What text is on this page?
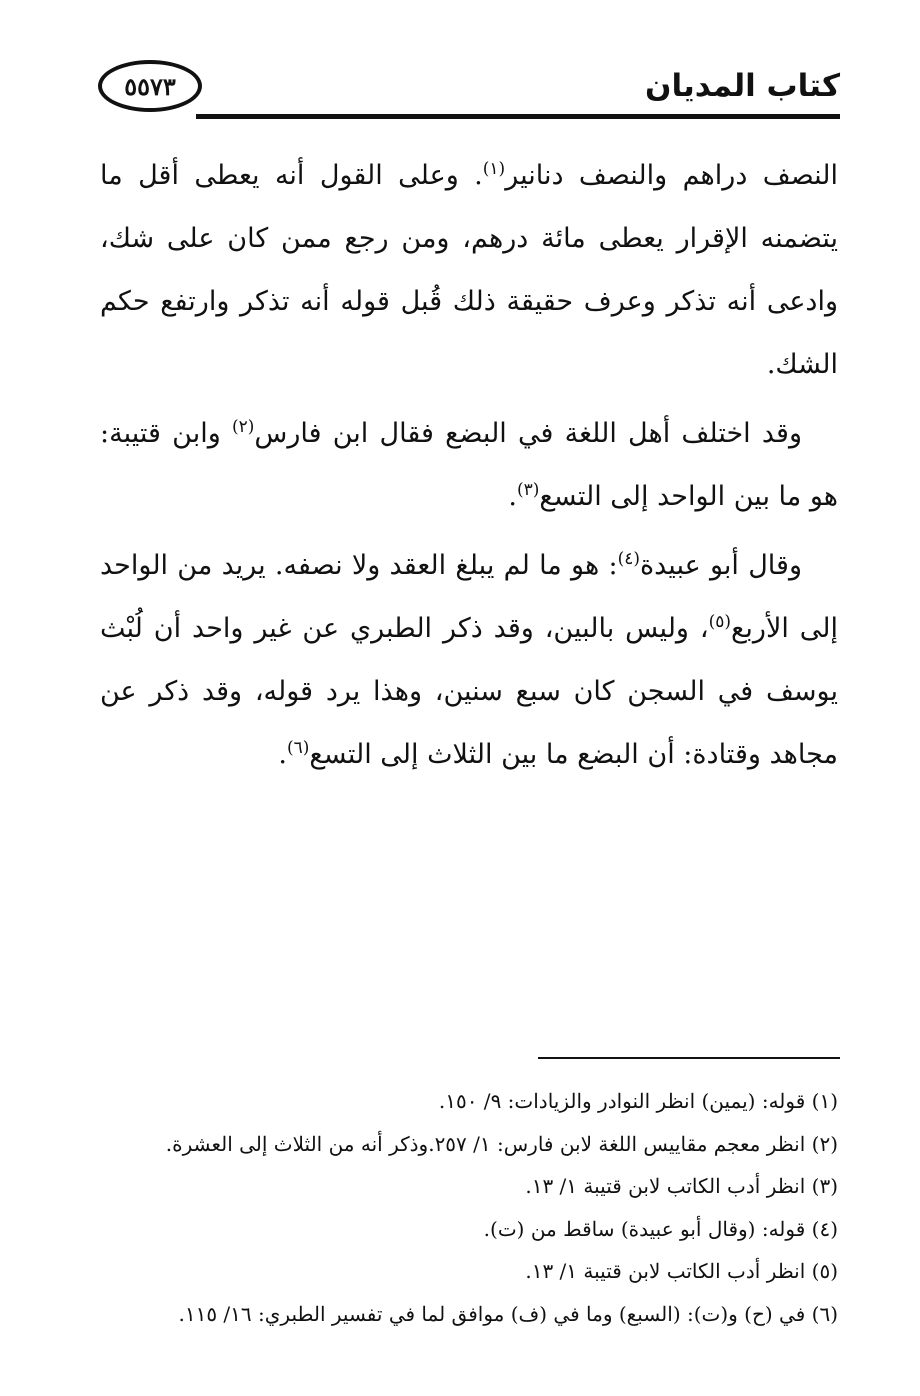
٥٥٧٣	كتاب المديان

النصف دراهم والنصف دنانير$^{(١)}$. وعلى القول أنه يعطى أقل ما يتضمنه الإقرار يعطى مائة درهم، ومن رجع ممن كان على شك، وادعى أنه تذكر وعرف حقيقة ذلك قُبل قوله أنه تذكر وارتفع حكم الشك.

وقد اختلف أهل اللغة في البضع فقال ابن فارس$^{(٢)}$ وابن قتيبة: هو ما بين الواحد إلى التسع$^{(٣)}$.

وقال أبو عبيدة$^{(٤)}$: هو ما لم يبلغ العقد ولا نصفه. يريد من الواحد إلى الأربع$^{(٥)}$، وليس بالبين، وقد ذكر الطبري عن غير واحد أن لُبْث يوسف في السجن كان سبع سنين، وهذا يرد قوله، وقد ذكر عن مجاهد وقتادة: أن البضع ما بين الثلاث إلى التسع$^{(٦)}$.

(١) قوله: (يمين) انظر النوادر والزيادات: ٩/ ١٥٠.

(٢) انظر معجم مقاييس اللغة لابن فارس: ١/ ٢٥٧.وذكر أنه من الثلاث إلى العشرة.

(٣) انظر أدب الكاتب لابن قتيبة ١/ ١٣.

(٤) قوله: (وقال أبو عبيدة) ساقط من (ت).

(٥) انظر أدب الكاتب لابن قتيبة ١/ ١٣.

(٦) في (ح) و(ت): (السبع) وما في (ف) موافق لما في تفسير الطبري: ١٦/ ١١٥.
